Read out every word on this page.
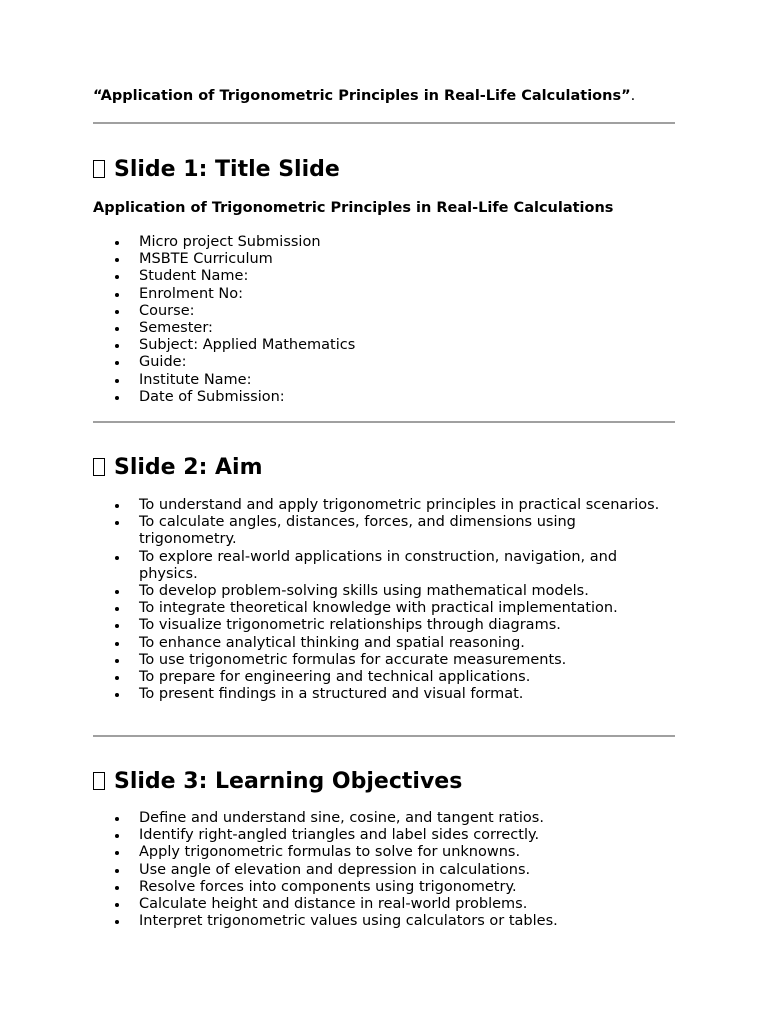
“Application of Trigonometric Principles in Real-Life Calculations”.
Slide 1: Title Slide
Application of Trigonometric Principles in Real-Life Calculations
Micro project Submission
MSBTE Curriculum
Student Name:
Enrolment No:
Course:
Semester:
Subject: Applied Mathematics
Guide:
Institute Name:
Date of Submission:
Slide 2: Aim
To understand and apply trigonometric principles in practical scenarios.
To calculate angles, distances, forces, and dimensions using trigonometry.
To explore real-world applications in construction, navigation, and physics.
To develop problem-solving skills using mathematical models.
To integrate theoretical knowledge with practical implementation.
To visualize trigonometric relationships through diagrams.
To enhance analytical thinking and spatial reasoning.
To use trigonometric formulas for accurate measurements.
To prepare for engineering and technical applications.
To present findings in a structured and visual format.
Slide 3: Learning Objectives
Define and understand sine, cosine, and tangent ratios.
Identify right-angled triangles and label sides correctly.
Apply trigonometric formulas to solve for unknowns.
Use angle of elevation and depression in calculations.
Resolve forces into components using trigonometry.
Calculate height and distance in real-world problems.
Interpret trigonometric values using calculators or tables.
